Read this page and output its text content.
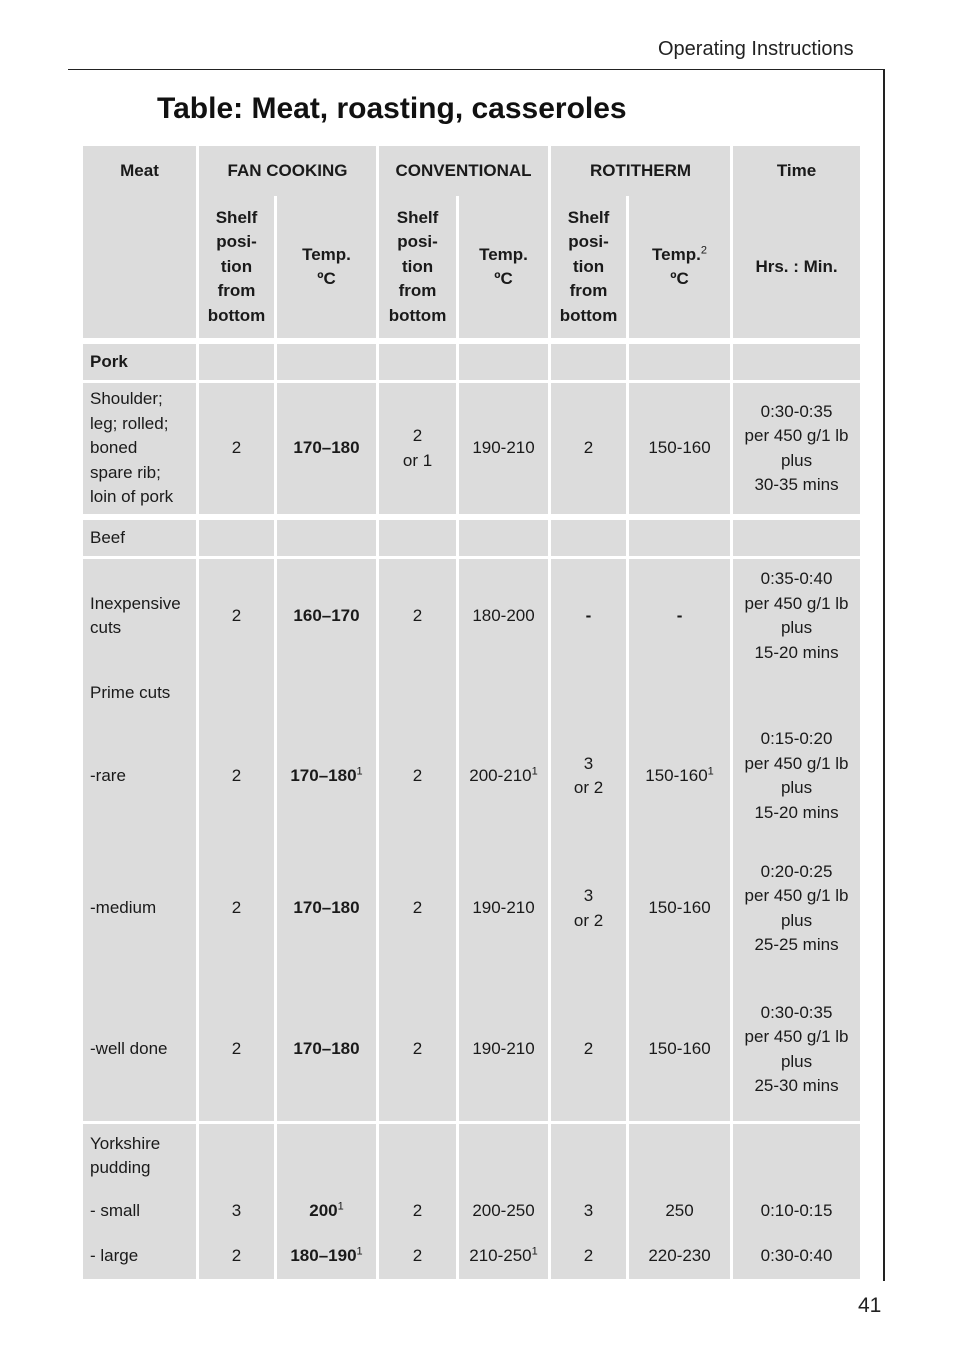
Operating Instructions
Table: Meat, roasting, casseroles
Meat	FAN COOKING		CONVENTIONAL		ROTITHERM		Time

	Shelf
posi-
tion
from
bottom	Temp.
ºC	Shelf
posi-
tion
from
bottom	Temp.
ºC	Shelf
posi-
tion
from
bottom	Temp.$^2$
ºC	Hrs. : Min.
Pork							

Shoulder;
leg; rolled;
boned
spare rib;
loin of pork	2	170–180	2
or 1	190-210	2	150-160	0:30-0:35
per 450 g/1 lb
plus
30-35 mins

Beef							

Inexpensive
cuts	2	160–170	2	180-200	-	-	0:35-0:40
per 450 g/1 lb
plus
15-20 mins

Prime cuts							
-rare	2	$170-180^1$	2	$200-210^1$	3
or 2	$150-160^1$	0:15-0:20
per 450 g/1 lb
plus
15-20 mins

-medium	2	170–180	2	190-210	3
or 2	150-160	0:20-0:25
per 450 g/1 lb
plus
25-25 mins

-well done	2	170–180	2	190-210	2	150-160	0:30-0:35
per 450 g/1 lb
plus
25-30 mins

Yorkshire
pudding							

- small	3	$200^1$	2	200-250	3	250	0:10-0:15
- large	2	$180-190^1$	2	$210-250^1$	2	220-230	0:30-0:40
41
